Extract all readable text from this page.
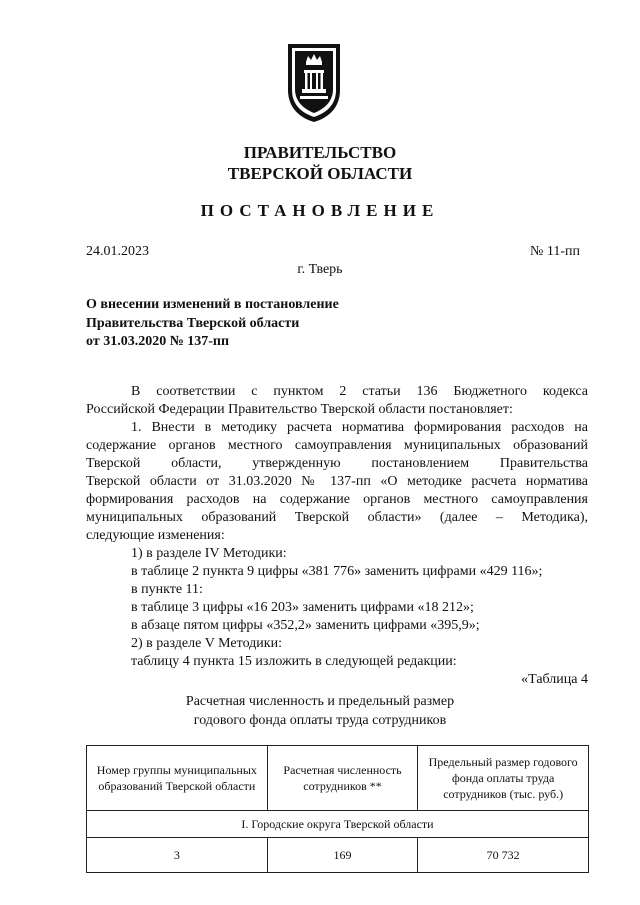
ПРАВИТЕЛЬСТВО
ТВЕРСКОЙ ОБЛАСТИ
ПОСТАНОВЛЕНИЕ
24.01.2023	№ 11-пп
г. Тверь
О внесении изменений в постановление
Правительства Тверской области
от 31.03.2020 № 137-пп
В соответствии с пунктом 2 статьи 136 Бюджетного кодекса
Российской Федерации Правительство Тверской области постановляет:
1. Внести в методику расчета норматива формирования расходов на
содержание органов местного самоуправления муниципальных образований
Тверской области, утвержденную постановлением Правительства
Тверской области от 31.03.2020 № 137-пп «О методике расчета норматива
формирования расходов на содержание органов местного самоуправления
муниципальных образований Тверской области» (далее – Методика),
следующие изменения:
1) в разделе IV Методики:
в таблице 2 пункта 9 цифры «381 776» заменить цифрами «429 116»;
в пункте 11:
в таблице 3 цифры «16 203» заменить цифрами «18 212»;
в абзаце пятом цифры «352,2» заменить цифрами «395,9»;
2) в разделе V Методики:
таблицу 4 пункта 15 изложить в следующей редакции:
«Таблица 4
Расчетная численность и предельный размер
годового фонда оплаты труда сотрудников
Номер группы муниципальных образований Тверской области	Расчетная численность сотрудников **	Предельный размер годового фонда оплаты труда сотрудников (тыс. руб.)
I. Городские округа Тверской области		
3	169	70 732
